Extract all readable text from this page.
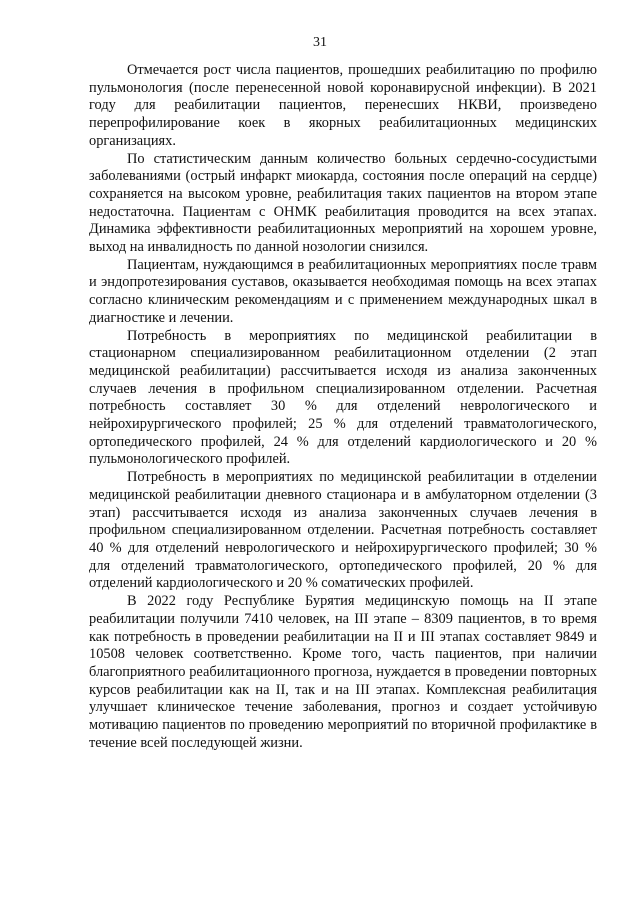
31

Отмечается рост числа пациентов, прошедших реабилитацию по профилю пульмонология (после перенесенной новой коронавирусной инфекции). В 2021 году для реабилитации пациентов, перенесших НКВИ, произведено перепрофилирование коек в якорных реабилитационных медицинских организациях.

По статистическим данным количество больных сердечно-сосудистыми заболеваниями (острый инфаркт миокарда, состояния после операций на сердце) сохраняется на высоком уровне, реабилитация таких пациентов на втором этапе недостаточна. Пациентам с ОНМК реабилитация проводится на всех этапах. Динамика эффективности реабилитационных мероприятий на хорошем уровне, выход на инвалидность по данной нозологии снизился.

Пациентам, нуждающимся в реабилитационных мероприятиях после травм и эндопротезирования суставов, оказывается необходимая помощь на всех этапах согласно клиническим рекомендациям и с применением международных шкал в диагностике и лечении.

Потребность в мероприятиях по медицинской реабилитации в стационарном специализированном реабилитационном отделении (2 этап медицинской реабилитации) рассчитывается исходя из анализа законченных случаев лечения в профильном специализированном отделении. Расчетная потребность составляет 30 % для отделений неврологического и нейрохирургического профилей; 25 % для отделений травматологического, ортопедического профилей, 24 % для отделений кардиологического и 20 % пульмонологического профилей.

Потребность в мероприятиях по медицинской реабилитации в отделении медицинской реабилитации дневного стационара и в амбулаторном отделении (3 этап) рассчитывается исходя из анализа законченных случаев лечения в профильном специализированном отделении. Расчетная потребность составляет 40 % для отделений неврологического и нейрохирургического профилей; 30 % для отделений травматологического, ортопедического профилей, 20 % для отделений кардиологического и 20 % соматических профилей.

В 2022 году Республике Бурятия медицинскую помощь на II этапе реабилитации получили 7410 человек, на III этапе – 8309 пациентов, в то время как потребность в проведении реабилитации на II и III этапах составляет 9849 и 10508 человек соответственно. Кроме того, часть пациентов, при наличии благоприятного реабилитационного прогноза, нуждается в проведении повторных курсов реабилитации как на II, так и на III этапах. Комплексная реабилитация улучшает клиническое течение заболевания, прогноз и создает устойчивую мотивацию пациентов по проведению мероприятий по вторичной профилактике в течение всей последующей жизни.
